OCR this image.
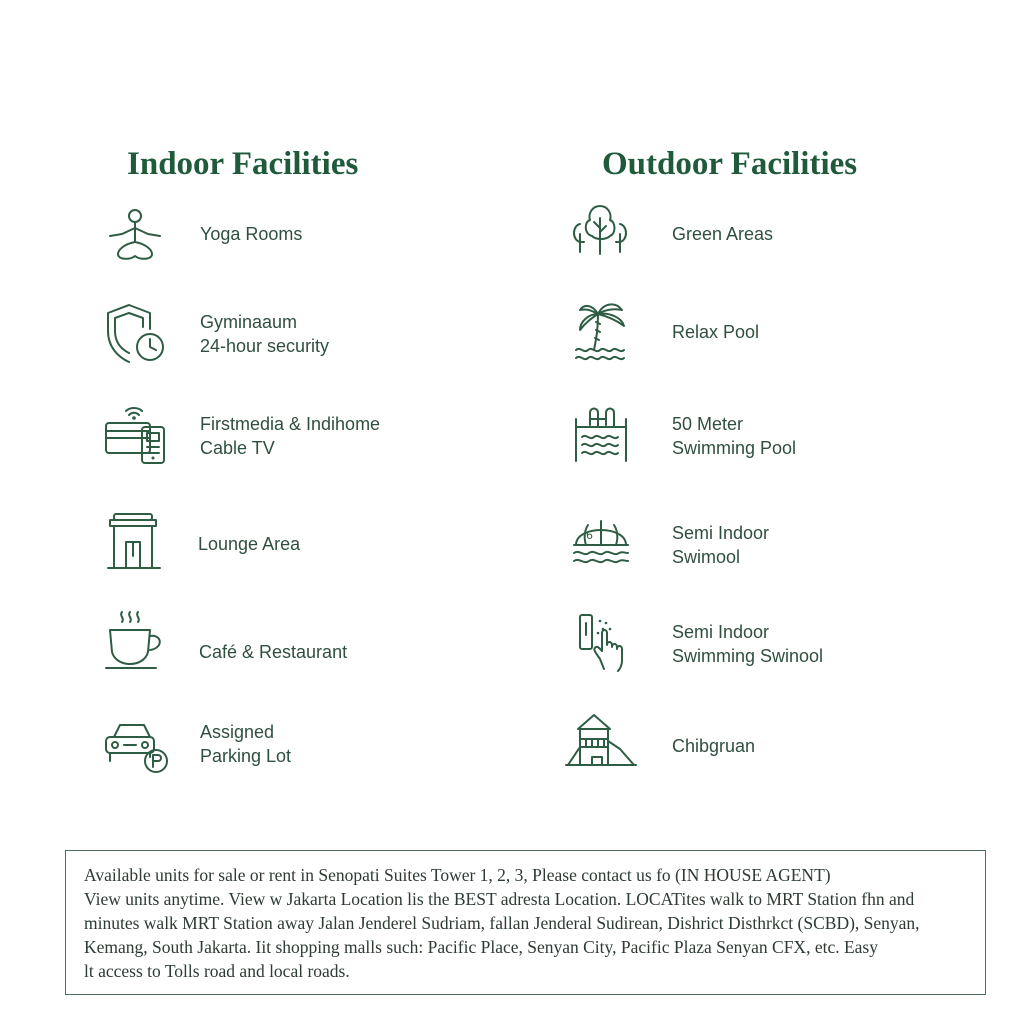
Indoor Facilities	Outdoor Facilities
Yoga Rooms
Gyminaaum
24-hour security
Firstmedia & Indihome
Cable TV
Lounge Area
Café & Restaurant
Assigned
Parking Lot
Green Areas
Relax Pool
50 Meter
Swimming Pool
6	Semi Indoor
Swimool
Semi Indoor
Swimming Swinool
Chibgruan
Available units for sale or rent in Senopati Suites Tower 1, 2, 3, Please contact us fo (IN HOUSE AGENT)
View units anytime. View w Jakarta Location lis the BEST adresta Location. LOCATites walk to MRT Station fhn and
minutes walk MRT Station away Jalan Jenderel Sudriam, fallan Jenderal Sudirean, Dishrict Disthrkct (SCBD), Senyan,
Kemang, South Jakarta. Iit shopping malls such: Pacific Place, Senyan City, Pacific Plaza Senyan CFX, etc. Easy
lt access to Tolls road and local roads.
